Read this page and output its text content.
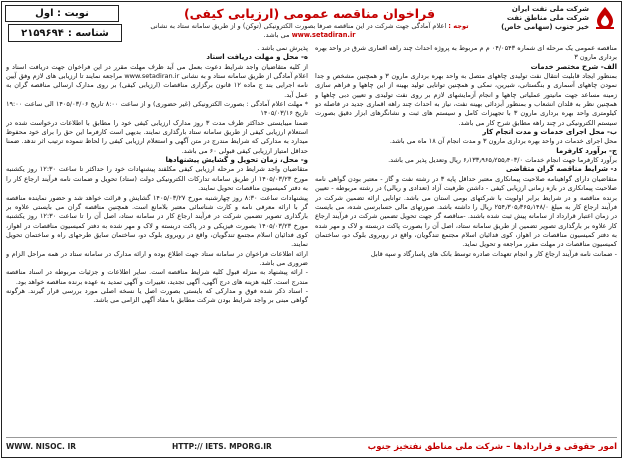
شرکت ملی نفت ایران
شرکت ملی مناطق نفت خیز جنوب (سهامی خاص)
فراخوان مناقصه عمومی (ارزیابی کیفی)
توجه : اعلام آمادگی جهت شرکت در این مناقصه صرفا بصورت الکترونیکی (توکن) و از طریق سامانه ستاد به نشانی www.setadiran.ir می باشد.
نوبت : اول
شناسه :
۲۱۵۹۶۹۴

مناقصه عمومی یک مرحله ای شماره ۰۴/۰۵۴۳ م م مربوط به پروژه احداث چند راهه اقماری شرق در واحد بهره برداری مارون ۳

الف- شرح مختصر خدمات

بمنظور ایجاد قابلیت انتقال نفت تولیدی چاههای متصل به واحد بهره برداری مارون ۳ و همچنین مشخص و جدا نمودن چاههای آسماری و بنگستانی، شیرین، نمکی و همچنین توانایی تولید بهینه از این چاهها و فراهم سازی زمینه مساعد جهت مانیتور عملیاتی چاهها و انجام آزمایشهای لازم بر روی نفت تولیدی و تعیین دبی چاهها و همچنین نظر به قلدان انشعاب و بمنظور آبزدائی بهینه نفت، نیاز به احداث چند راهه اقماری جدید در فاصله دو کیلومتری واحد بهره برداری مارون ۳ با تجهیزات کامل و سیستم های ثبت و نشانگرهای ابزار دقیق بصورت سیستم الکترونیکی در چند راهه مطابق شرح کار می باشد.

ب- محل اجرای خدمات و مدت انجام کار

محل اجرای خدمات در واحد بهره برداری مارون ۳ و مدت انجام آن ۱۸ ماه می باشد.

ج- برآورد کارفرما

برآورد کارفرما جهت انجام خدمات ۶٫۱۳۳٫۹۶۵٫۲۵۵٫۴۰۳/۰ ریال وتعدیل پذیر می باشد.

د- شرایط مناقصه گران متقاضی

متقاضیان دارای گواهینامه صلاحیت پیمانکاری معتبر حداقل پایه ۳ در رشته نفت و گاز - معتبر بودن گواهی نامه صلاحیت پیمانکاری در بازه زمانی ارزیابی کیفی - داشتن ظرفیت آزاد (تعدادی و ریالی) در رشته مربوطه - تعیین برنده مناقصه و در شرایط برابر اولویت با شرکتهای بومی استان می باشد. توانایی ارائه تضمین شرکت در فرآیند ارجاع کار به مبلغ ۲۵۴٫۳۰۵٫۳۶۵٫۱۴۸/۰ ریال را داشته باشد. صورتهای مالی حسابرسی شده، می بایست در زمان اعتبار قرارداد از سامانه پیش ثبت شده باشند. -مناقصه گر جهت تحویل تضمین شرکت در فرآیند ارجاع کار علاوه بر بارگذاری تصویر تضمین از طریق سامانه ستاد، اصل آن را بصورت پاکت دربسته و لاک و مهر شده به دفتر کمیسیون مناقصات در اهواز، کوی فدائیان اسلام مجتمع تندگویان، واقع در روبروی بلوک دو، ساختمان کمیسیون مناقصات در مهلت مقرر مراجعه و تحویل نماید.

- ضمانت نامه فرآیند ارجاع کار و انجام تعهدات صادره توسط بانک های پاسارگاد و سپه قابل

پذیرش نمی باشد .

ه- محل و مهلت دریافت اسناد

از کلیه متقاضیان واجد شرایط دعوت بعمل می آید ظرف مهلت مقرر در این فراخوان جهت دریافت اسناد و اعلام آمادگی از طریق سامانه ستاد و به نشانی www.setadiran.ir مراجعه نمایند تا ارزیابی های لازم وفق آیین نامه اجرایی بند ج ماده ۱۲ قانون برگزاری مناقصات (ارزیابی کیفی) بر روی مدارک ارسالی مناقصه گران به عمل آید.

* مهلت اعلام آمادگی : بصورت الکترونیکی (غیر حضوری) و از ساعت ۸:۰۰ تاریخ ۱۴۰۵/۰۳/۰۶ الی ساعت ۱۹:۰۰ تاریخ ۱۴۰۵/۰۳/۱۶

ضمنا میبایستی حداکثر ظرف مدت ۳ روز مدارک ارزیابی کیفی خود را مطابق با اطلاعات درخواست شده در استعلام ارزیابی کیفی از طریق سامانه ستاد بارگذاری نمایند. بدیهی است کارفرما این حق را برای خود محفوظ میدارد به مدارکی که شرایط مندرج در متن آگهی و استعلام ارزیابی کیفی را لحاظ ننموده ترتیب اثر ندهد. ضمنا حداقل امتیاز ارزیابی کیفی قبولی ۶۰ می باشد.

و- محل، زمان تحویل و گشایش پیشنهادها

متقاضیان واجد شرایط در مرحله ارزیابی کیفی مکلفند پیشنهادات خود را حداکثر تا ساعت ۱۲:۳۰ روز یکشنبه مورخ ۱۴۰۵/۰۳/۲۳ از طریق سامانه تدارکات الکترونیکی دولت (ستاد) تحویل و ضمانت نامه فرآیند ارجاع کار را به دفتر کمیسیون مناقصات تحویل نمایند.

پیشنهادات ساعت ۸:۳۰ روز چهارشنبه مورخ ۱۴۰۵/۰۳/۲۷ گشایش و قرائت خواهد شد و حضور نماینده مناقصه گر با ارائه معرفی نامه و کارت شناسائی معتبر بلامانع است. همچنین مناقصه گران می بایستی علاوه بر بارگذاری تصویر تضمین شرکت در فرآیند ارجاع کار در سامانه ستاد، اصل آن را تا ساعت ۱۲:۳۰ روز یکشنبه مورخ ۱۴۰۵/۰۳/۲۳ بصورت فیزیکی و در پاکت دربسته و لاک و مهر شده به دفتر کمیسیون مناقصات در اهواز، کوی فدائیان اسلام مجتمع تندگویان، واقع در روبروی بلوک دو، ساختمان سایق طرحهای راه و ساختمان تحویل نمایند.

ارائه اطلاعات فراخوان در سامانه ستاد جهت اطلاع بوده و ارائه مدارک در سامانه ستاد در همه مراحل الزام و ضروری می باشد.

- ارائه پیشنهاد به منزله قبول کلیه شرایط مناقصه است. سایر اطلاعات و جزئیات مربوطه در اسناد مناقصه مندرج است. کلیه هزینه های درج آگهی، آگهی تجدید، تغییرات و آگهی تمدید به عهده برنده مناقصه خواهد بود.

- اسناد ذکر شده فوق و مدارکی که بایستی بصورت اصل یا نسخه اصلی مورد بررسی قرار گیرند. هرگونه گواهی مبنی بر واجد شرایط بودن شرکت مطابق با مفاد آگهی الزامی می باشد.

امور حقوقی و قراردادها – شرکت ملی مناطق نفتخیز جنوب
HTTP:// IETS. MPORG.IR
WWW. NISOC. IR
